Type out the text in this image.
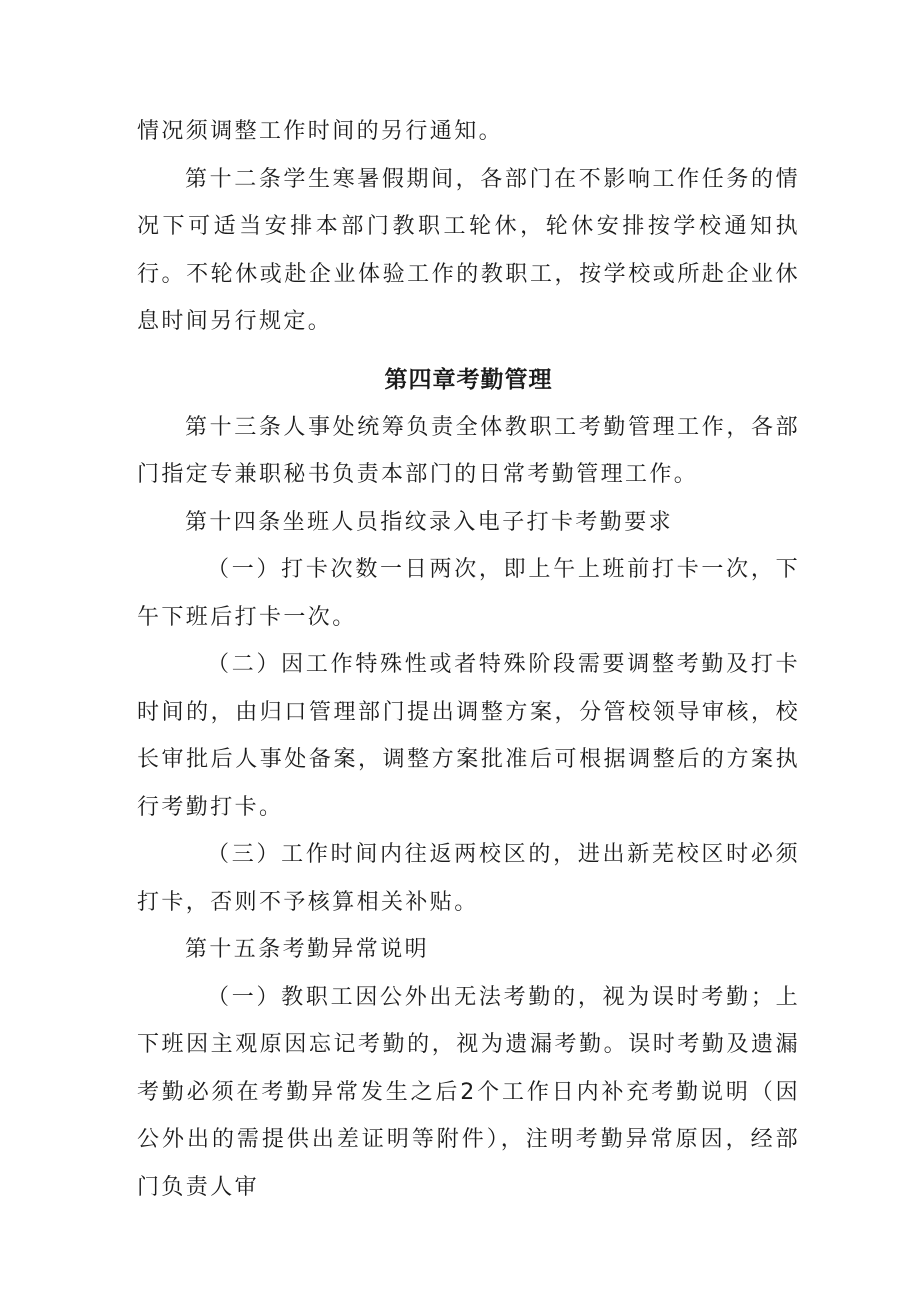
情况须调整工作时间的另行通知。

第十二条学生寒暑假期间，各部门在不影响工作任务的情况下可适当安排本部门教职工轮休，轮休安排按学校通知执行。不轮休或赴企业体验工作的教职工，按学校或所赴企业休息时间另行规定。

第四章考勤管理

第十三条人事处统筹负责全体教职工考勤管理工作，各部门指定专兼职秘书负责本部门的日常考勤管理工作。

第十四条坐班人员指纹录入电子打卡考勤要求

（一）打卡次数一日两次，即上午上班前打卡一次，下午下班后打卡一次。

（二）因工作特殊性或者特殊阶段需要调整考勤及打卡时间的，由归口管理部门提出调整方案，分管校领导审核，校长审批后人事处备案，调整方案批准后可根据调整后的方案执行考勤打卡。

（三）工作时间内往返两校区的，进出新芜校区时必须打卡，否则不予核算相关补贴。

第十五条考勤异常说明

（一）教职工因公外出无法考勤的，视为误时考勤；上下班因主观原因忘记考勤的，视为遗漏考勤。误时考勤及遗漏考勤必须在考勤异常发生之后2个工作日内补充考勤说明（因公外出的需提供出差证明等附件），注明考勤异常原因，经部门负责人审
